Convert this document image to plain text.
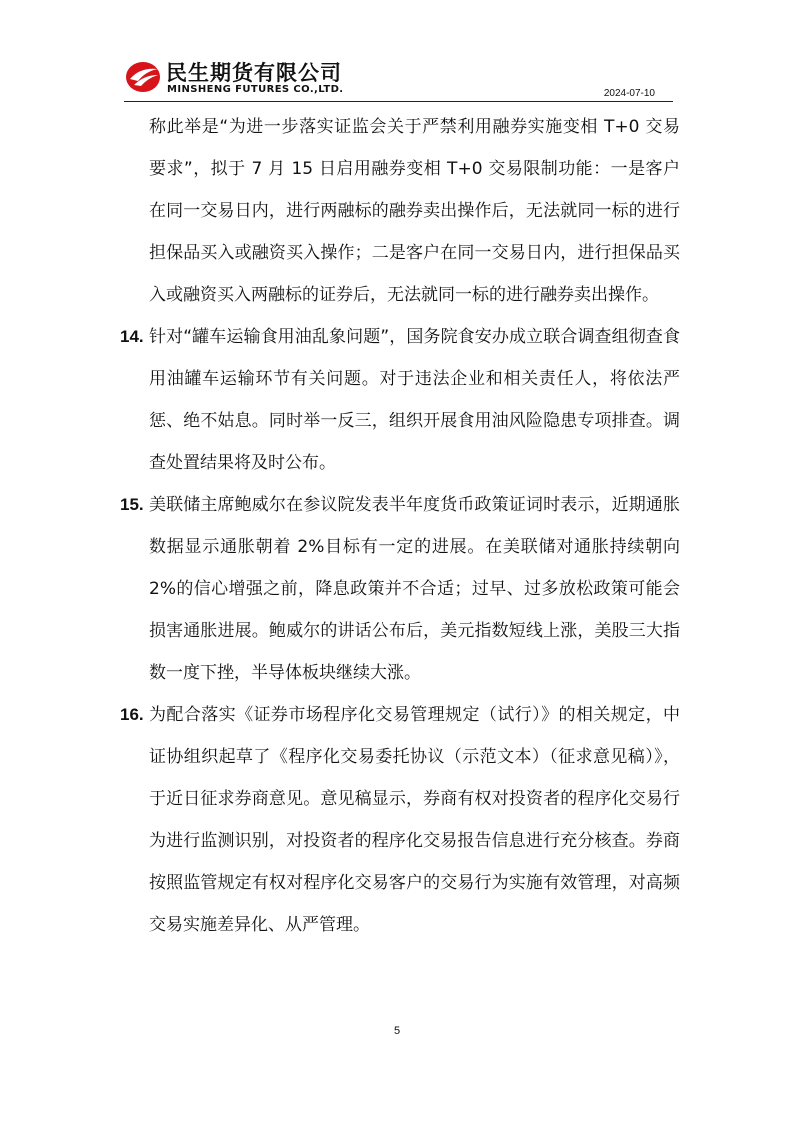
民生期货有限公司
MINSHENG FUTURES CO.,LTD.	2024-07-10
称此举是“为进一步落实证监会关于严禁利用融券实施变相 T+0 交易要求”，拟于 7 月 15 日启用融券变相 T+0 交易限制功能：一是客户在同一交易日内，进行两融标的融券卖出操作后，无法就同一标的进行担保品买入或融资买入操作；二是客户在同一交易日内，进行担保品买入或融资买入两融标的证券后，无法就同一标的进行融券卖出操作。
14. 针对“罐车运输食用油乱象问题”，国务院食安办成立联合调查组彻查食用油罐车运输环节有关问题。对于违法企业和相关责任人，将依法严惩、绝不姑息。同时举一反三，组织开展食用油风险隐患专项排查。调查处置结果将及时公布。
15. 美联储主席鲍威尔在参议院发表半年度货币政策证词时表示，近期通胀数据显示通胀朝着 2%目标有一定的进展。在美联储对通胀持续朝向 2%的信心增强之前，降息政策并不合适；过早、过多放松政策可能会损害通胀进展。鲍威尔的讲话公布后，美元指数短线上涨，美股三大指数一度下挫，半导体板块继续大涨。
16. 为配合落实《证券市场程序化交易管理规定（试行）》的相关规定，中证协组织起草了《程序化交易委托协议（示范文本）（征求意见稿）》，于近日征求券商意见。意见稿显示，券商有权对投资者的程序化交易行为进行监测识别，对投资者的程序化交易报告信息进行充分核查。券商按照监管规定有权对程序化交易客户的交易行为实施有效管理，对高频交易实施差异化、从严管理。
5
